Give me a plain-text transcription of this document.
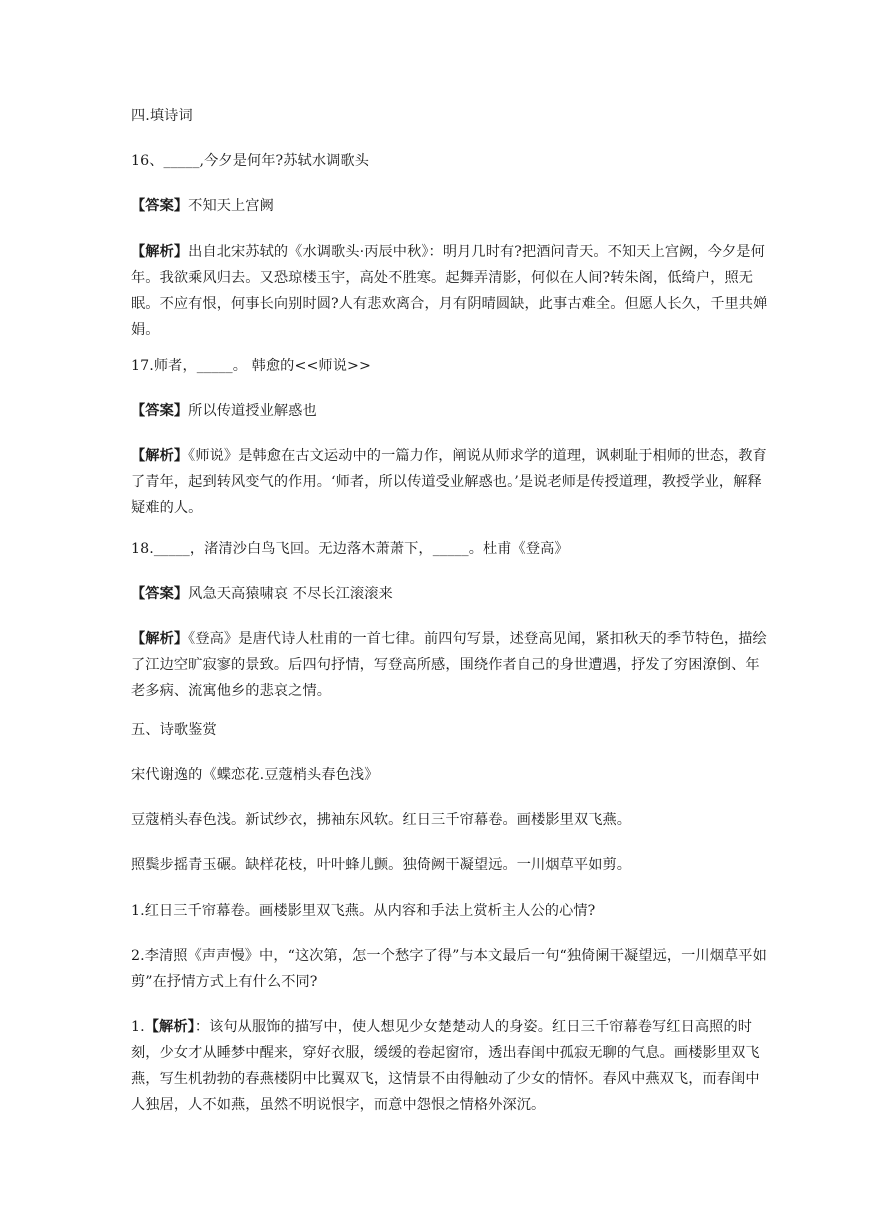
四.填诗词

16、_____,今夕是何年?苏轼水调歌头

【答案】不知天上宫阙

【解析】出自北宋苏轼的《水调歌头·丙辰中秋》：明月几时有?把酒问青天。不知天上宫阙，今夕是何年。我欲乘风归去。又恐琼楼玉宇，高处不胜寒。起舞弄清影，何似在人间?转朱阁，低绮户，照无眠。不应有恨，何事长向别时圆?人有悲欢离合，月有阴晴圆缺，此事古难全。但愿人长久，千里共婵娟。

17.师者，_____。 韩愈的<<师说>>

【答案】所以传道授业解惑也

【解析】《师说》是韩愈在古文运动中的一篇力作，阐说从师求学的道理，讽刺耻于相师的世态，教育了青年，起到转风变气的作用。‘师者，所以传道受业解惑也。’是说老师是传授道理，教授学业，解释疑难的人。

18._____，渚清沙白鸟飞回。无边落木萧萧下，_____。杜甫《登高》

【答案】风急天高猿啸哀 不尽长江滚滚来

【解析】《登高》是唐代诗人杜甫的一首七律。前四句写景，述登高见闻，紧扣秋天的季节特色，描绘了江边空旷寂寥的景致。后四句抒情，写登高所感，围绕作者自己的身世遭遇，抒发了穷困潦倒、年老多病、流寓他乡的悲哀之情。

五、诗歌鉴赏

宋代谢逸的《蝶恋花.豆蔻梢头春色浅》

豆蔻梢头春色浅。新试纱衣，拂袖东风软。红日三千帘幕卷。画楼影里双飞燕。

照鬓步摇青玉碾。缺样花枝，叶叶蜂儿颤。独倚阙干凝望远。一川烟草平如剪。

1.红日三千帘幕卷。画楼影里双飞燕。从内容和手法上赏析主人公的心情?

2.李清照《声声慢》中，“这次第，怎一个愁字了得”与本文最后一句“独倚阑干凝望远，一川烟草平如剪”在抒情方式上有什么不同?

1.【解析】：该句从服饰的描写中，使人想见少女楚楚动人的身姿。红日三千帘幕卷写红日高照的时刻，少女才从睡梦中醒来，穿好衣服，缓缓的卷起窗帘，透出春闺中孤寂无聊的气息。画楼影里双飞燕，写生机勃勃的春燕楼阴中比翼双飞，这情景不由得触动了少女的情怀。春风中燕双飞，而春闺中人独居，人不如燕，虽然不明说恨字，而意中怨恨之情格外深沉。
